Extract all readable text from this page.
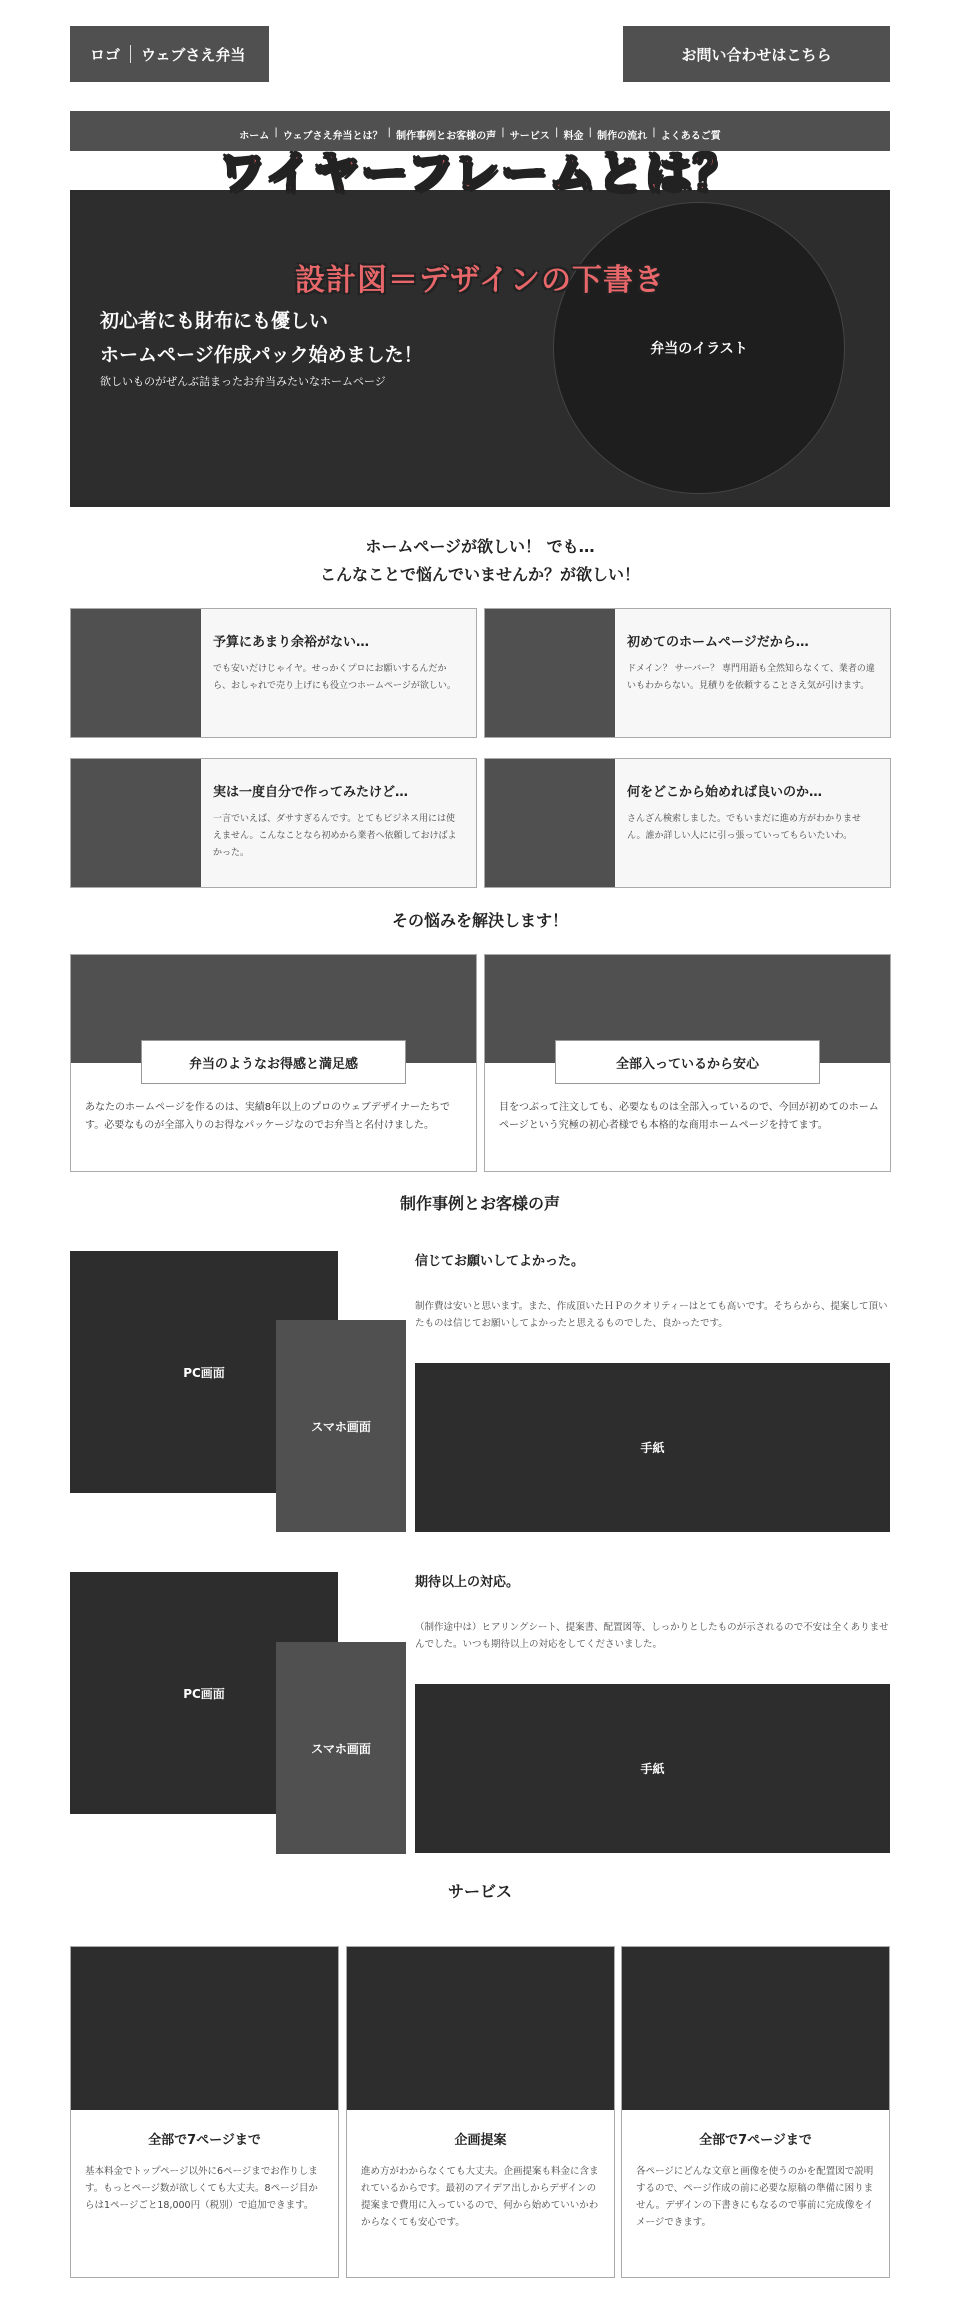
ロゴ ウェブさえ弁当	お問い合わせはこちら
ホーム | ウェブさえ弁当とは？ | 制作事例とお客様の声 | サービス | 料金 | 制作の流れ | よくあるご質
弁当のイラスト
初心者にも財布にも優しい
ホームページ作成パック始めました！
欲しいものがぜんぶ詰まったお弁当みたいなホームページ
ワイヤーフレームとは？
設計図＝デザインの下書き
ホームページが欲しい！ でも…
こんなことで悩んでいませんか？が欲しい！
予算にあまり余裕がない…
でも安いだけじゃイヤ。せっかくプロにお願いするんだから、おしゃれで売り上げにも役立つホームページが欲しい。
初めてのホームページだから…
ドメイン？ サーバー？ 専門用語も全然知らなくて、業者の違いもわからない。見積りを依頼することさえ気が引けます。
実は一度自分で作ってみたけど…
一言でいえば、ダサすぎるんです。とてもビジネス用には使えません。こんなことなら初めから業者へ依頼しておけばよかった。
何をどこから始めれば良いのか…
さんざん検索しました。でもいまだに進め方がわかりません。誰か詳しい人にに引っ張っていってもらいたいわ。
その悩みを解決します！
弁当のようなお得感と満足感
あなたのホームページを作るのは、実績8年以上のプロのウェブデザイナーたちです。必要なものが全部入りのお得なパッケージなのでお弁当と名付けました。
全部入っているから安心
目をつぶって注文しても、必要なものは全部入っているので、今回が初めてのホームページという究極の初心者様でも本格的な商用ホームページを持てます。
制作事例とお客様の声
PC画面
スマホ画面
信じてお願いしてよかった。
制作費は安いと思います。また、作成頂いたＨＰのクオリティーはとても高いです。そちらから、提案して頂いたものは信じてお願いしてよかったと思えるものでした、良かったです。
手紙
PC画面
スマホ画面
期待以上の対応。
（制作途中は）ヒアリングシート、提案書、配置図等、しっかりとしたものが示されるので不安は全くありませんでした。いつも期待以上の対応をしてくださいました。
手紙
サービス
全部で7ページまで
基本料金でトップページ以外に6ページまでお作りします。もっとページ数が欲しくても大丈夫。8ページ目からは1ページごと18,000円（税別）で追加できます。
企画提案
進め方がわからなくても大丈夫。企画提案も料金に含まれているからです。最初のアイデア出しからデザインの提案まで費用に入っているので、何から始めていいかわからなくても安心です。
全部で7ページまで
各ページにどんな文章と画像を使うのかを配置図で説明するので、ページ作成の前に必要な原稿の準備に困りません。デザインの下書きにもなるので事前に完成像をイメージできます。
